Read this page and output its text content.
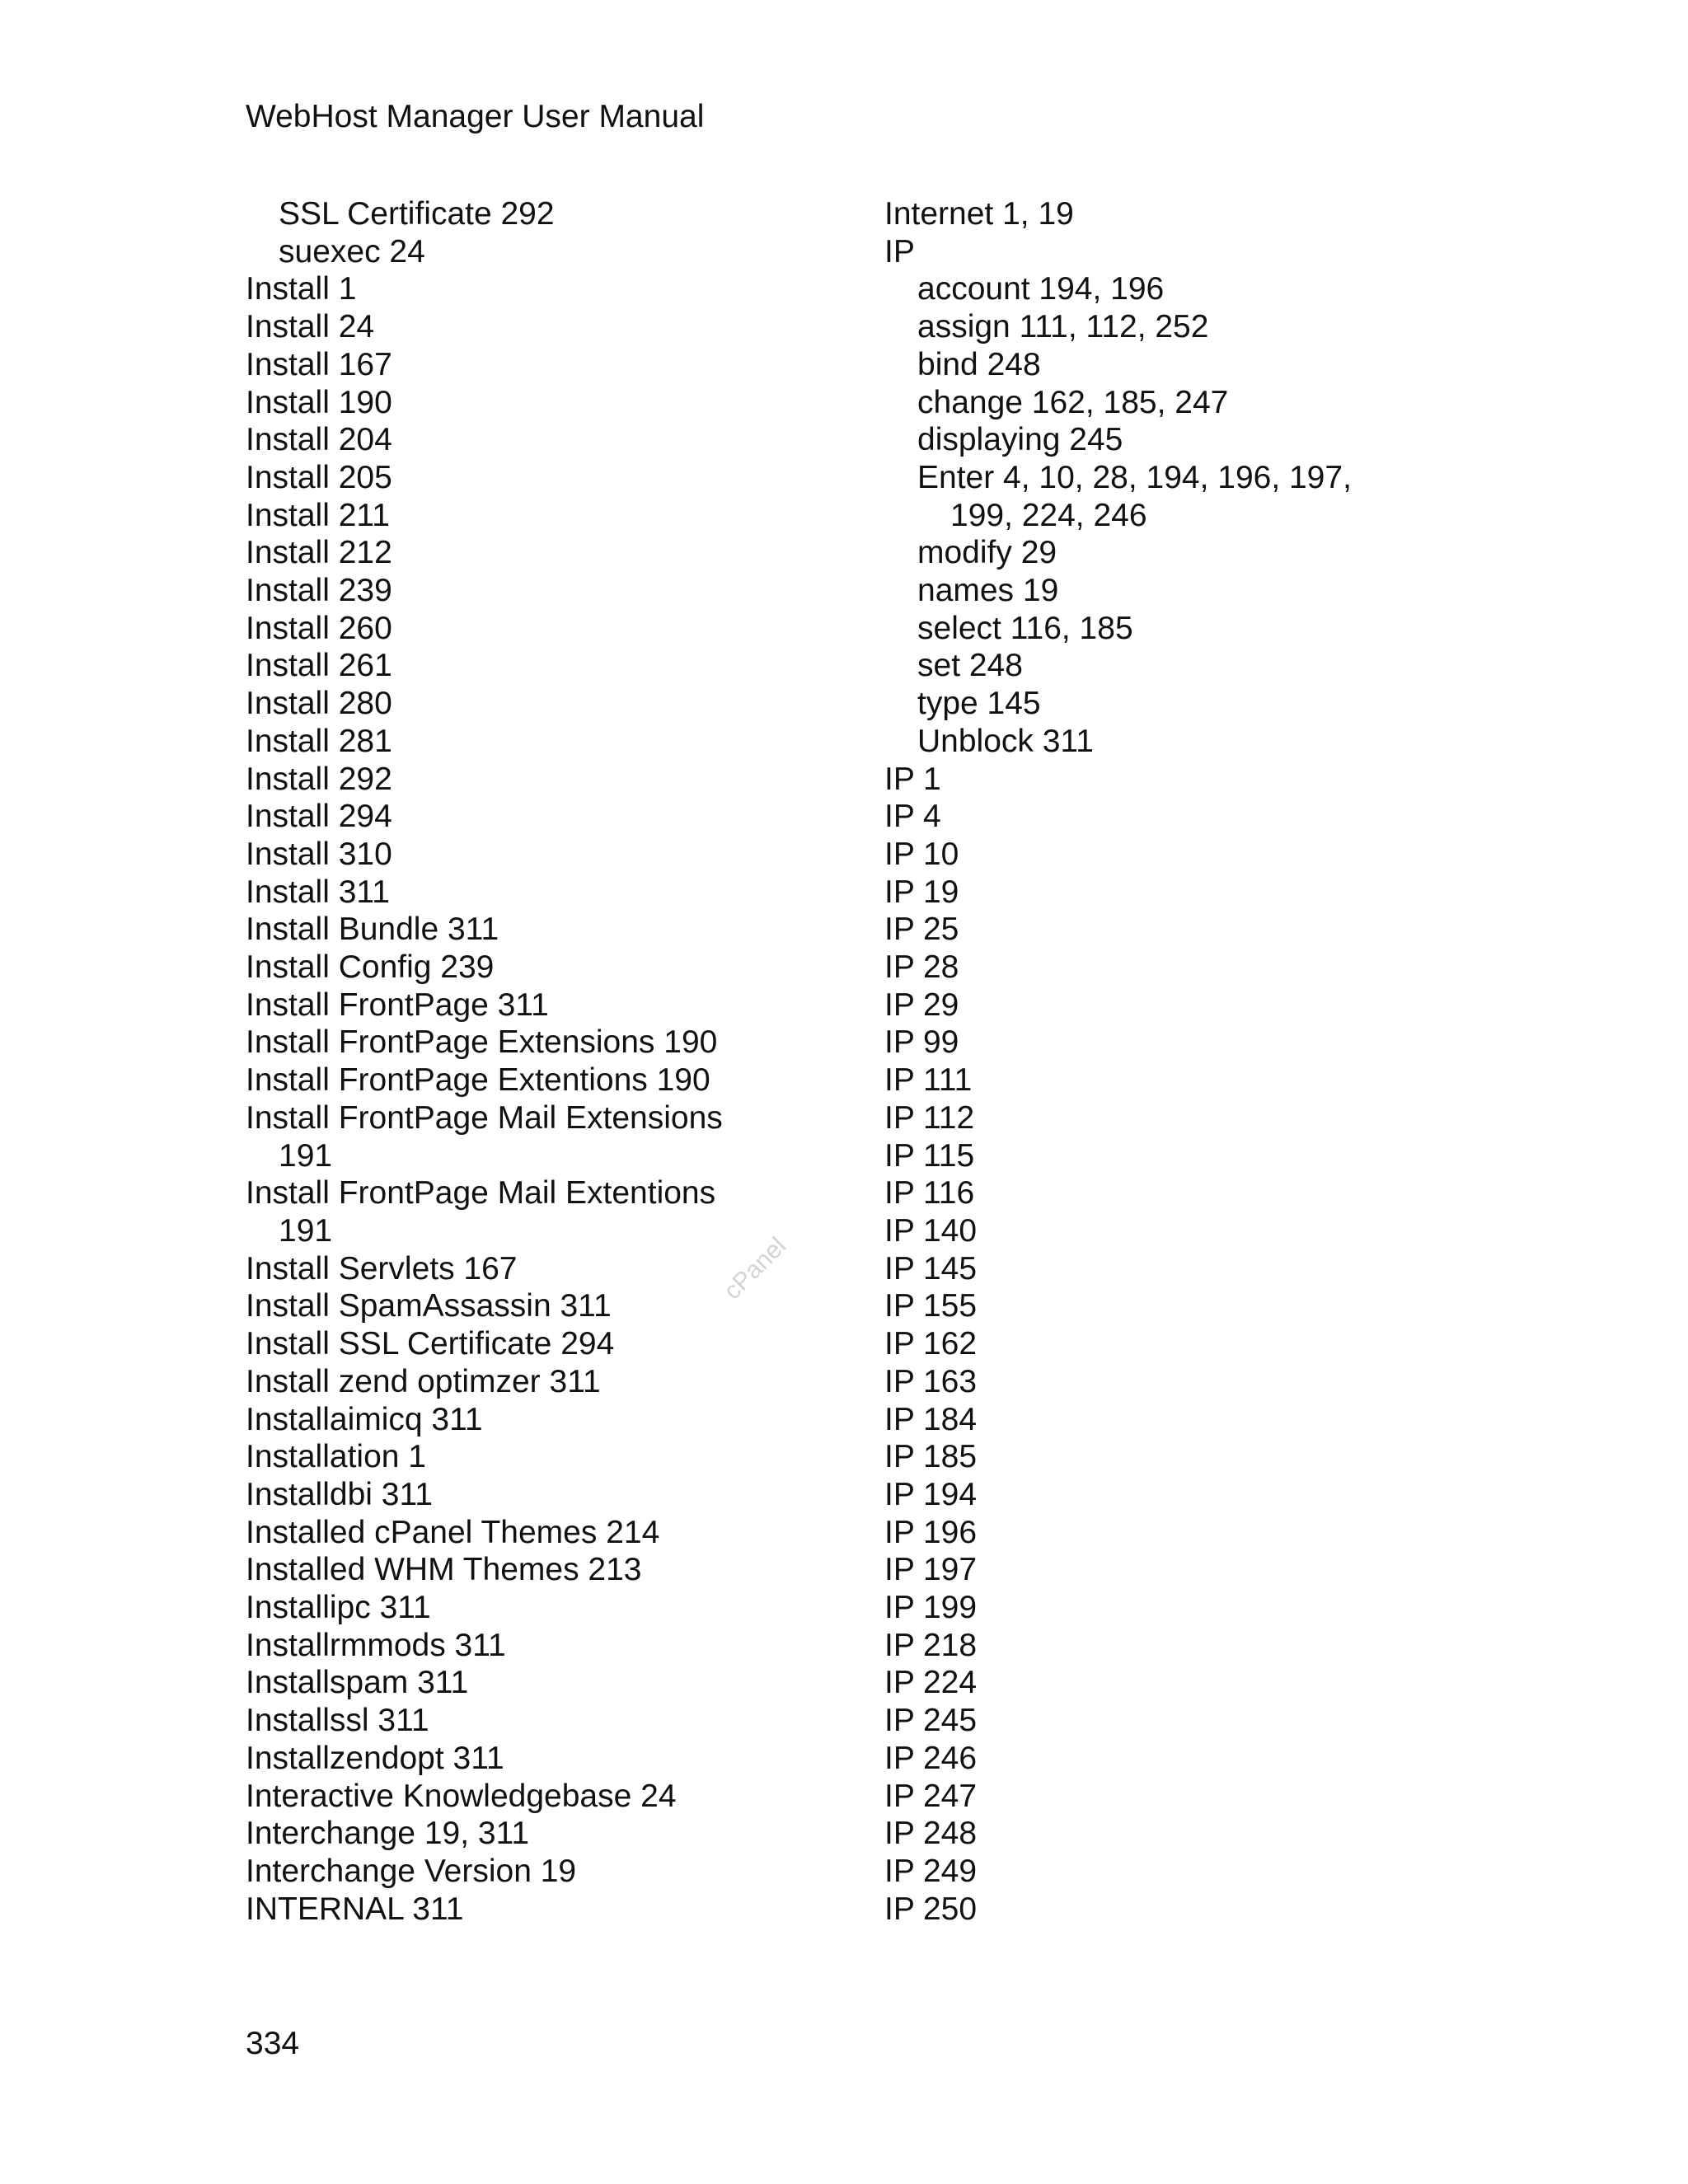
WebHost Manager User Manual
SSL Certificate 292
suexec 24
Install 1
Install 24
Install 167
Install 190
Install 204
Install 205
Install 211
Install 212
Install 239
Install 260
Install 261
Install 280
Install 281
Install 292
Install 294
Install 310
Install 311
Install Bundle 311
Install Config 239
Install FrontPage 311
Install FrontPage Extensions 190
Install FrontPage Extentions 190
Install FrontPage Mail Extensions
191
Install FrontPage Mail Extentions
191
Install Servlets 167
Install SpamAssassin 311
Install SSL Certificate 294
Install zend optimzer 311
Installaimicq 311
Installation 1
Installdbi 311
Installed cPanel Themes 214
Installed WHM Themes 213
Installipc 311
Installrmmods 311
Installspam 311
Installssl 311
Installzendopt 311
Interactive Knowledgebase 24
Interchange 19, 311
Interchange Version 19
INTERNAL 311
Internet 1, 19
IP
account 194, 196
assign 111, 112, 252
bind 248
change 162, 185, 247
displaying 245
Enter 4, 10, 28, 194, 196, 197,
199, 224, 246
modify 29
names 19
select 116, 185
set 248
type 145
Unblock 311
IP 1
IP 4
IP 10
IP 19
IP 25
IP 28
IP 29
IP 99
IP 111
IP 112
IP 115
IP 116
IP 140
IP 145
IP 155
IP 162
IP 163
IP 184
IP 185
IP 194
IP 196
IP 197
IP 199
IP 218
IP 224
IP 245
IP 246
IP 247
IP 248
IP 249
IP 250
cPanel
334
